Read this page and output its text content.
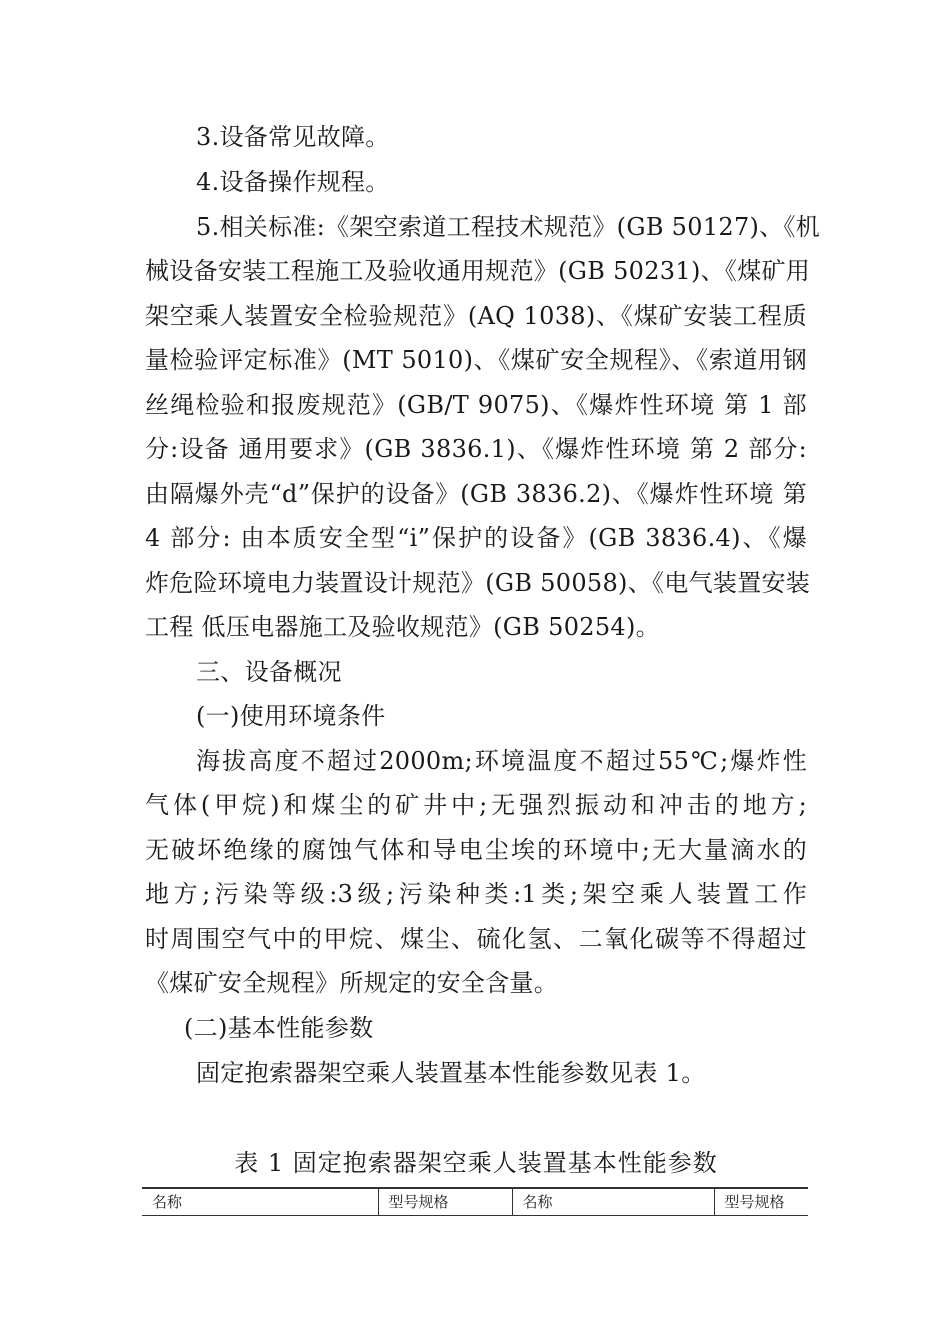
3.设备常见故障。
4.设备操作规程。
5.相关标准:《架空索道工程技术规范》(GB 50127)、《机
械设备安装工程施工及验收通用规范》(GB 50231)、《煤矿用
架空乘人装置安全检验规范》(AQ 1038)、《煤矿安装工程质
量检验评定标准》(MT 5010)、《煤矿安全规程》、《索道用钢
丝绳检验和报废规范》(GB/T 9075)、《爆炸性环境 第 1 部
分:设备 通用要求》(GB 3836.1)、《爆炸性环境 第 2 部分:
由隔爆外壳“d”保护的设备》(GB 3836.2)、《爆炸性环境 第
4 部分: 由本质安全型“i”保护的设备》(GB 3836.4)、《爆
炸危险环境电力装置设计规范》(GB 50058)、《电气装置安装
工程 低压电器施工及验收规范》(GB 50254)。
三、设备概况
(一)使用环境条件
海拔高度不超过2000m;环境温度不超过55℃;爆炸性
气体(甲烷)和煤尘的矿井中;无强烈振动和冲击的地方;
无破坏绝缘的腐蚀气体和导电尘埃的环境中;无大量滴水的
地方;污染等级:3级;污染种类:1类;架空乘人装置工作
时周围空气中的甲烷、煤尘、硫化氢、二氧化碳等不得超过
《煤矿安全规程》所规定的安全含量。
(二)基本性能参数
固定抱索器架空乘人装置基本性能参数见表 1。
表 1 固定抱索器架空乘人装置基本性能参数
名称	型号规格	名称	型号规格
